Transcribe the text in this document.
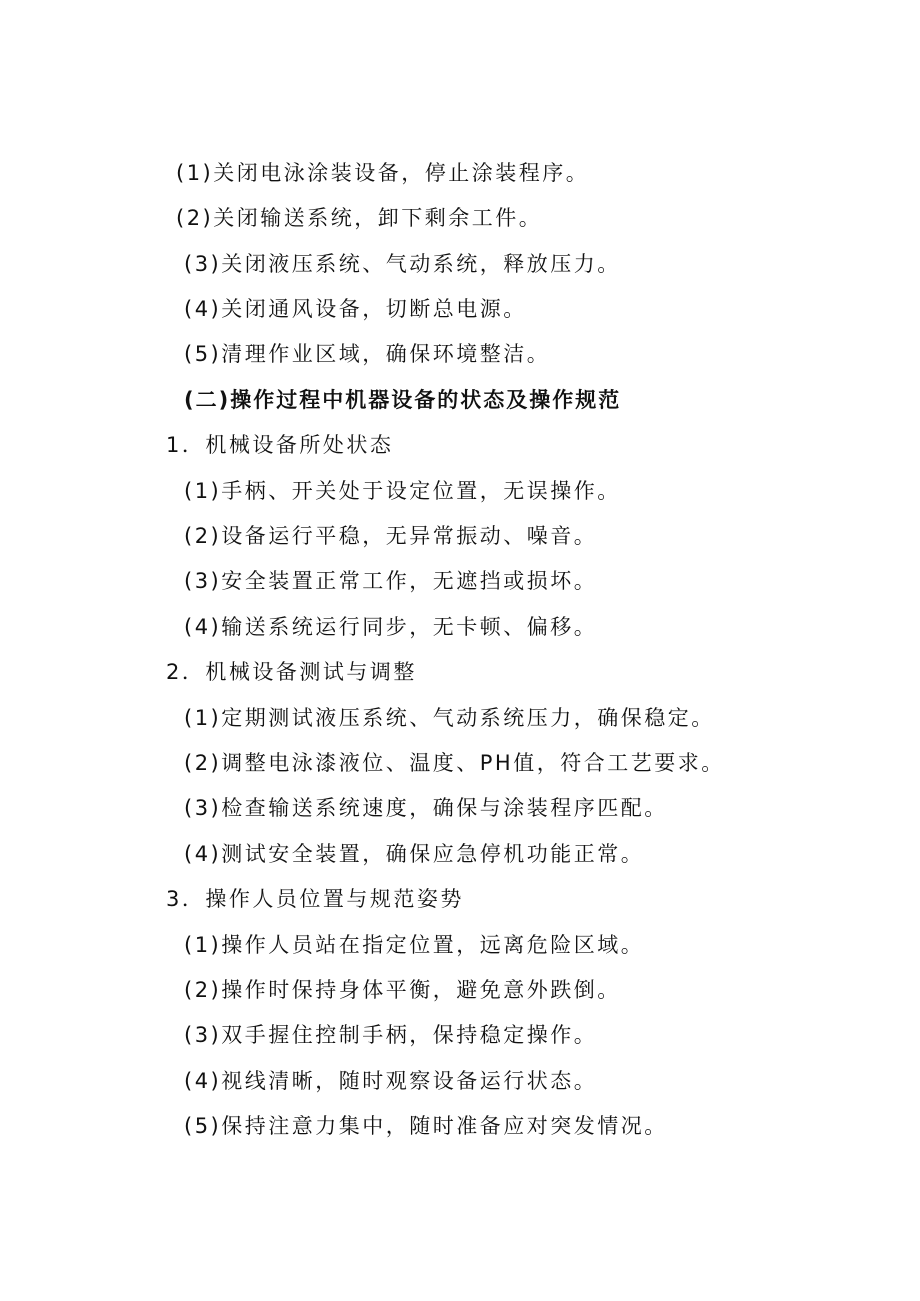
(1)关闭电泳涂装设备，停止涂装程序。
(2)关闭输送系统，卸下剩余工件。
(3)关闭液压系统、气动系统，释放压力。
(4)关闭通风设备，切断总电源。
(5)清理作业区域，确保环境整洁。
(二)操作过程中机器设备的状态及操作规范
1．机械设备所处状态
(1)手柄、开关处于设定位置，无误操作。
(2)设备运行平稳，无异常振动、噪音。
(3)安全装置正常工作，无遮挡或损坏。
(4)输送系统运行同步，无卡顿、偏移。
2．机械设备测试与调整
(1)定期测试液压系统、气动系统压力，确保稳定。
(2)调整电泳漆液位、温度、PH值，符合工艺要求。
(3)检查输送系统速度，确保与涂装程序匹配。
(4)测试安全装置，确保应急停机功能正常。
3．操作人员位置与规范姿势
(1)操作人员站在指定位置，远离危险区域。
(2)操作时保持身体平衡，避免意外跌倒。
(3)双手握住控制手柄，保持稳定操作。
(4)视线清晰，随时观察设备运行状态。
(5)保持注意力集中，随时准备应对突发情况。
